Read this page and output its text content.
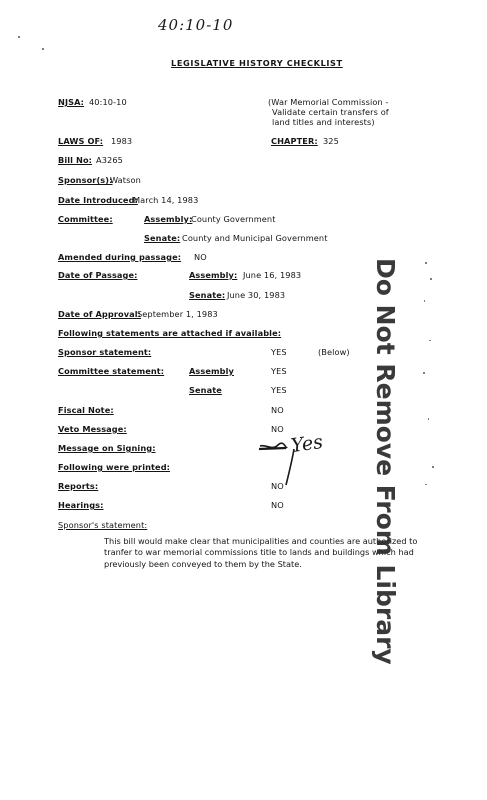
40:10-10
LEGISLATIVE HISTORY CHECKLIST
NJSA: 40:10-10	(War Memorial Commission -
Validate certain transfers of
land titles and interests)
LAWS OF: 1983	CHAPTER: 325
Bill No: A3265
Sponsor(s):
Watson
Date Introduced:
March 14, 1983
Committee:	Assembly:
County Government
Senate: County and Municipal Government
Amended during passage: NO
Date of Passage:	Assembly: June 16, 1983
Senate: June 30, 1983
Date of Approval:
September 1, 1983
Following statements are attached if available:
Sponsor statement:	YES	(Below)
Committee statement:	Assembly	YES
Senate	YES
Fiscal Note:	NO
Veto Message:	NO
Message on Signing:	Yes
Following were printed:
Reports:	NO
Hearings:	NO
Sponsor's statement:
This bill would make clear that municipalities and counties are authorized to tranfer to war memorial commissions title to lands and buildings which had previously been conveyed to them by the State.	Do Not Remove From Library
